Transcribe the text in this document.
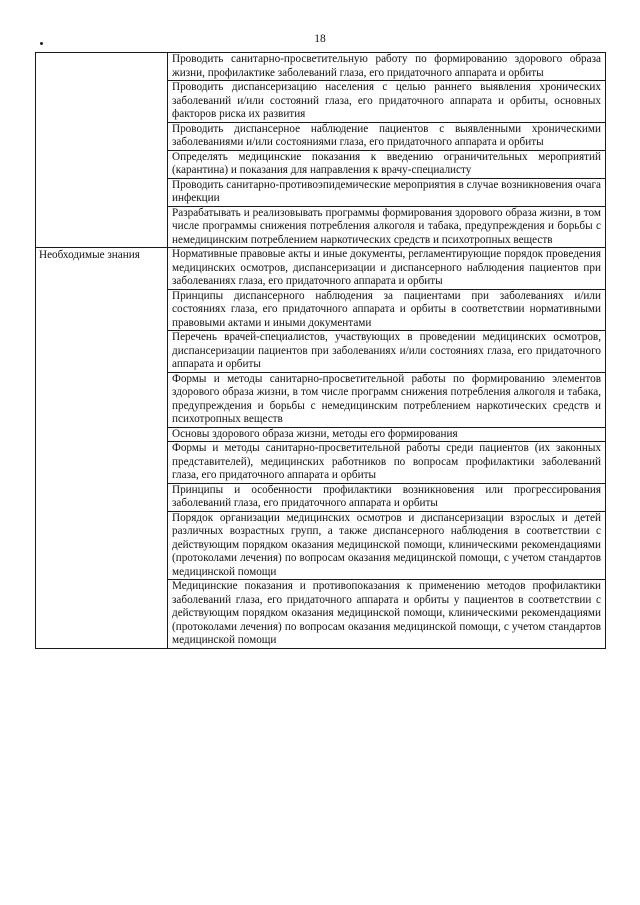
18
	Проводить санитарно-просветительную работу по формированию здорового образа жизни, профилактике заболеваний глаза, его придаточного аппарата и орбиты
	Проводить диспансеризацию населения с целью раннего выявления хронических заболеваний и/или состояний глаза, его придаточного аппарата и орбиты, основных факторов риска их развития
	Проводить диспансерное наблюдение пациентов с выявленными хроническими заболеваниями и/или состояниями глаза, его придаточного аппарата и орбиты
	Определять медицинские показания к введению ограничительных мероприятий (карантина) и показания для направления к врачу-специалисту
	Проводить санитарно-противоэпидемические мероприятия в случае возникновения очага инфекции
	Разрабатывать и реализовывать программы формирования здорового образа жизни, в том числе программы снижения потребления алкоголя и табака, предупреждения и борьбы с немедицинским потреблением наркотических средств и психотропных веществ
Необходимые знания	Нормативные правовые акты и иные документы, регламентирующие порядок проведения медицинских осмотров, диспансеризации и диспансерного наблюдения пациентов при заболеваниях глаза, его придаточного аппарата и орбиты
	Принципы диспансерного наблюдения за пациентами при заболеваниях и/или состояниях глаза, его придаточного аппарата и орбиты в соответствии нормативными правовыми актами и иными документами
	Перечень врачей-специалистов, участвующих в проведении медицинских осмотров, диспансеризации пациентов при заболеваниях и/или состояниях глаза, его придаточного аппарата и орбиты
	Формы и методы санитарно-просветительной работы по формированию элементов здорового образа жизни, в том числе программ снижения потребления алкоголя и табака, предупреждения и борьбы с немедицинским потреблением наркотических средств и психотропных веществ
	Основы здорового образа жизни, методы его формирования
	Формы и методы санитарно-просветительной работы среди пациентов (их законных представителей), медицинских работников по вопросам профилактики заболеваний глаза, его придаточного аппарата и орбиты
	Принципы и особенности профилактики возникновения или прогрессирования заболеваний глаза, его придаточного аппарата и орбиты
	Порядок организации медицинских осмотров и диспансеризации взрослых и детей различных возрастных групп, а также диспансерного наблюдения в соответствии с действующим порядком оказания медицинской помощи, клиническими рекомендациями (протоколами лечения) по вопросам оказания медицинской помощи, с учетом стандартов медицинской помощи
	Медицинские показания и противопоказания к применению методов профилактики заболеваний глаза, его придаточного аппарата и орбиты у пациентов в соответствии с действующим порядком оказания медицинской помощи, клиническими рекомендациями (протоколами лечения) по вопросам оказания медицинской помощи, с учетом стандартов медицинской помощи
